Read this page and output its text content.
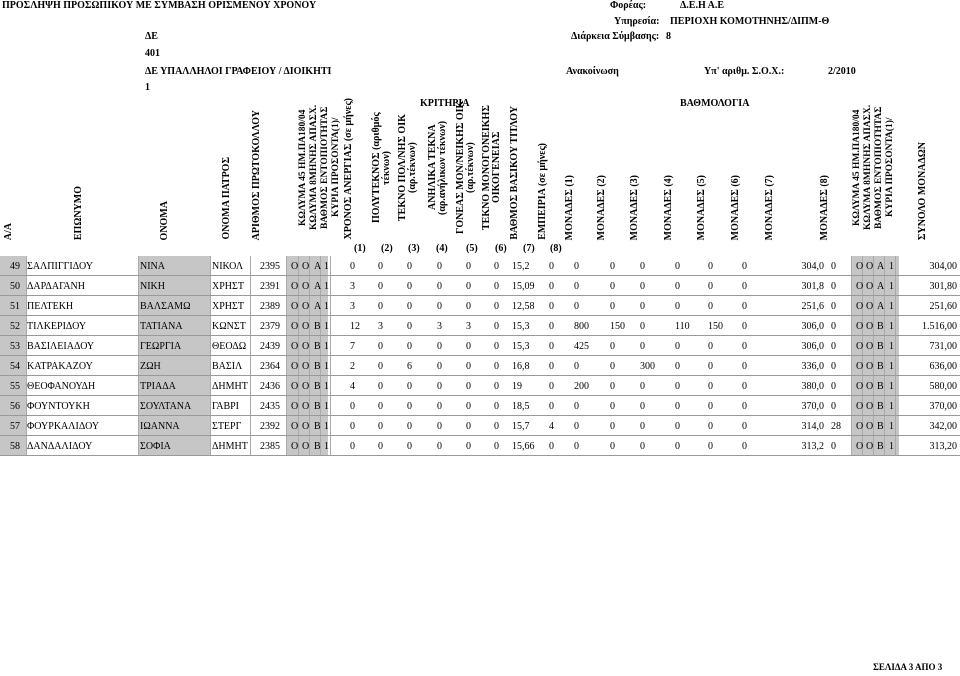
ΠΡΟΣΛΗΨΗ ΠΡΟΣΩΠΙΚΟΥ ΜΕ ΣΥΜΒΑΣΗ ΟΡΙΣΜΕΝΟΥ ΧΡΟΝΟΥ	Φορέας:	Δ.Ε.Η Α.Ε
Υπηρεσία: ΠΕΡΙΟΧΗ ΚΟΜΟΤΗΝΗΣ/ΔΙΠΜ-Θ
ΔΕ	Διάρκεια Σύμβασης: 8
401
ΔΕ ΥΠΑΛΛΗΛΟΙ ΓΡΑΦΕΙΟΥ / ΔΙΟΙΚΗΤΙ	Ανακοίνωση	Υπ' αριθμ. Σ.Ο.Χ.:	2/2010
1
ΚΡΙΤΗΡΙΑ	ΒΑΘΜΟΛΟΓΙΑ
Α/Α	ΕΠΩΝΥΜΟ	ΟΝΟΜΑ	ΟΝΟΜΑ ΠΑΤΡΟΣ ΑΡΙΘΜΟΣ ΠΡΩΤΟΚΟΛΛΟΥ	ΚΩΛΥΜΑ 45 ΗΜ.ΠΑ180/04 ΚΩΛΥΜΑ 8ΜΗΝΗΣ ΑΠΑΣΧ. ΒΑΘΜΟΣ ΕΝΤΟΠΙΟΤΗΤΑΣ ΚΥΡΙΑ ΠΡΟΣΟΝΤΑ(1)/ ΧΡΟΝΟΣ ΑΝΕΡΓΙΑΣ (σε μήνες)	ΠΟΛΥΤΕΚΝΟΣ (αριθμός τέκνων) ΤΕΚΝΟ ΠΟΛ/ΝΗΣ ΟΙΚ (αρ.τέκνων) ΑΝΗΛΙΚΑ ΤΕΚΝΑ (αρ.ανήλικων τέκνων) ΓΟΝΕΑΣ ΜΟΝ/ΝΕΙΚΗΣ ΟΙΚ (αρ.τέκνων) ΤΕΚΝΟ ΜΟΝΟΓΟΝΕΙΚΗΣ ΟΙΚΟΓΕΝΕΙΑΣ ΒΑΘΜΟΣ ΒΑΣΙΚΟΥ ΤΙΤΛΟΥ	ΕΜΠΕΙΡΙΑ (σε μήνες)	ΜΟΝΑΔΕΣ (1)	ΜΟΝΑΔΕΣ (2)	ΜΟΝΑΔΕΣ (3)	ΜΟΝΑΔΕΣ (4)	ΜΟΝΑΔΕΣ (5)	ΜΟΝΑΔΕΣ (6)	ΜΟΝΑΔΕΣ (7)	ΜΟΝΑΔΕΣ (8)	ΚΩΛΥΜΑ 45 ΗΜ.ΠΑ180/04 ΚΩΛΥΜΑ 8ΜΗΝΗΣ ΑΠΑΣΧ. ΒΑΘΜΟΣ ΕΝΤΟΠΙΟΤΗΤΑΣ ΚΥΡΙΑ ΠΡΟΣΟΝΤΑ(1)/	ΣΥΝΟΛΟ ΜΟΝΑΔΩΝ
(1) (2) (3) (4) (5) (6) (7) (8)
49 ΣΑΛΠΙΓΓΙΔΟΥ	ΝΙΝΑ	ΝΙΚΟΛ	2395	Ο Ο Α 1	0	0	0	0	0	0	15,2	0	0	0	0	0	0	0	304,0 0	Ο Ο Α 1	304,00
50 ΔΑΡΔΑΓΑΝΗ	ΝΙΚΗ	ΧΡΗΣΤ	2391	Ο Ο Α 1	3	0	0	0	0	0	15,09	0	0	0	0	0	0	0	301,8 0	Ο Ο Α 1	301,80
51 ΠΕΛΤΕΚΗ	ΒΑΛΣΑΜΩ	ΧΡΗΣΤ	2389	Ο Ο Α 1	3	0	0	0	0	0	12,58	0	0	0	0	0	0	0	251,6 0	Ο Ο Α 1	251,60
52 ΤΙΛΚΕΡΙΔΟΥ	ΤΑΤΙΑΝΑ	ΚΩΝΣΤ 2379	Ο Ο Β 1	12	3	0	3	3	0	15,3	0	800	150	0	110	150	0	306,0 0	Ο Ο Β 1	1.516,00
53 ΒΑΣΙΛΕΙΑΔΟΥ	ΓΕΩΡΓΙΑ	ΘΕΟΔΩ 2439	Ο Ο Β 1	7	0	0	0	0	0	15,3	0	425	0	0	0	0	0	306,0 0	Ο Ο Β 1	731,00
54 ΚΑΤΡΑΚΑΖΟΥ	ΖΩΗ	ΒΑΣΙΛ	2364	Ο Ο Β 1	2	0	6	0	0	0	16,8	0	0	0	300	0	0	0	336,0 0	Ο Ο Β 1	636,00
55 ΘΕΟΦΑΝΟΥΔΗ	ΤΡΙΑΔΑ	ΔΗΜΗΤ 2436	Ο Ο Β 1	4	0	0	0	0	0	19	0	200	0	0	0	0	0	380,0 0	Ο Ο Β 1	580,00
56 ΦΟΥΝΤΟΥΚΗ	ΣΟΥΛΤΑΝΑ	ΓΑΒΡΙ	2435	Ο Ο Β 1	0	0	0	0	0	0	18,5	0	0	0	0	0	0	0	370,0 0	Ο Ο Β 1	370,00
57 ΦΟΥΡΚΑΛΙΔΟΥ	ΙΩΑΝΝΑ	ΣΤΕΡΓ	2392	Ο Ο Β 1	0	0	0	0	0	0	15,7	4	0	0	0	0	0	0	314,0 28	Ο Ο Β 1	342,00
58 ΔΑΝΔΑΛΙΔΟΥ	ΣΟΦΙΑ	ΔΗΜΗΤ 2385	Ο Ο Β 1	0	0	0	0	0	0	15,66	0	0	0	0	0	0	0	313,2 0	Ο Ο Β 1	313,20
ΣΕΛΙΔΑ 3 ΑΠΟ 3
